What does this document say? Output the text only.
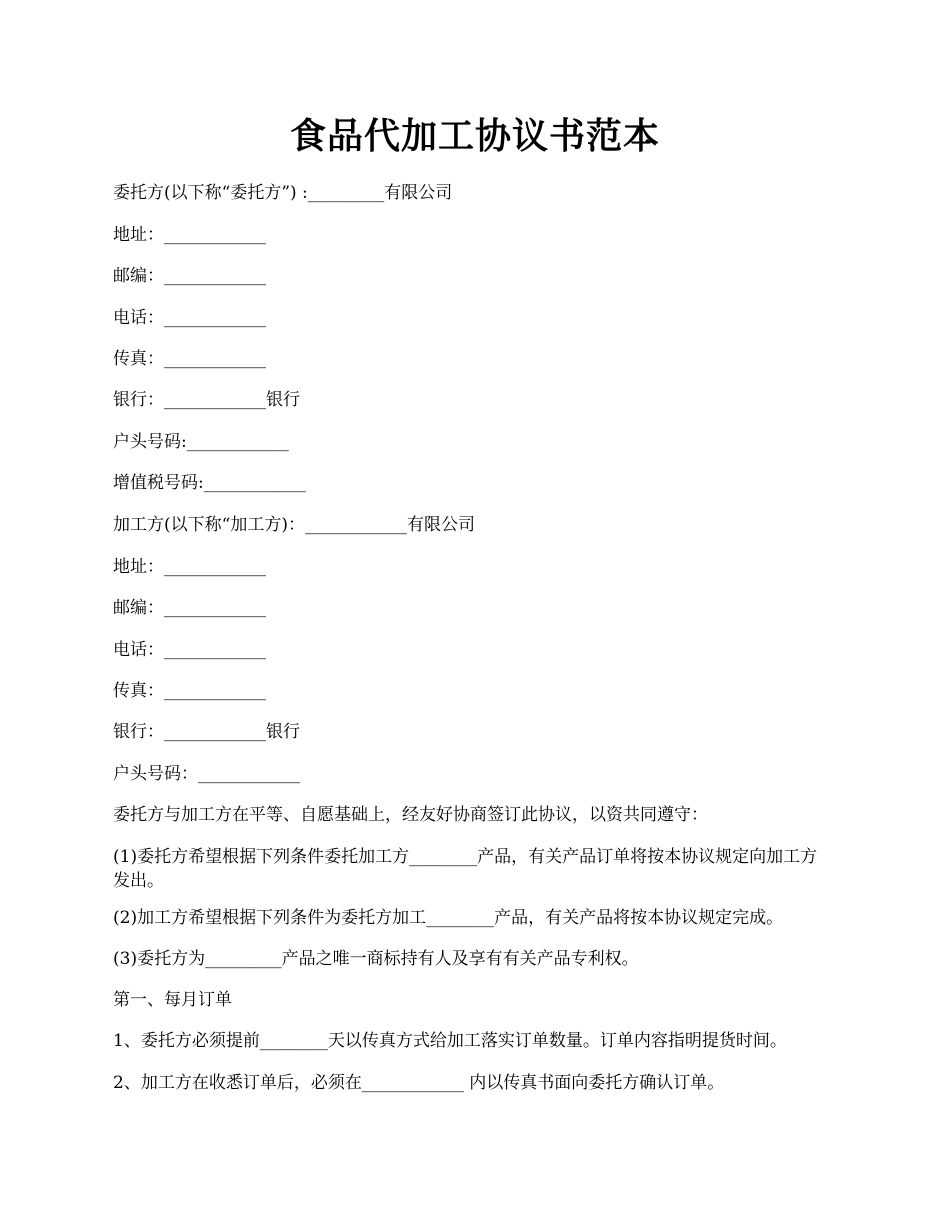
食品代加工协议书范本
委托方(以下称“委托方”) :_________有限公司
地址：____________
邮编：____________
电话：____________
传真：____________
银行：____________银行
户头号码:____________
增值税号码:____________
加工方(以下称“加工方)：____________有限公司
地址：____________
邮编：____________
电话：____________
传真：____________
银行：____________银行
户头号码：____________
委托方与加工方在平等、自愿基础上，经友好协商签订此协议，以资共同遵守：
(1)委托方希望根据下列条件委托加工方________产品，有关产品订单将按本协议规定向加工方发出。
(2)加工方希望根据下列条件为委托方加工________产品，有关产品将按本协议规定完成。
(3)委托方为_________产品之唯一商标持有人及享有有关产品专利权。
第一、每月订单
1、委托方必须提前________天以传真方式给加工落实订单数量。订单内容指明提货时间。
2、加工方在收悉订单后，必须在____________ 内以传真书面向委托方确认订单。
